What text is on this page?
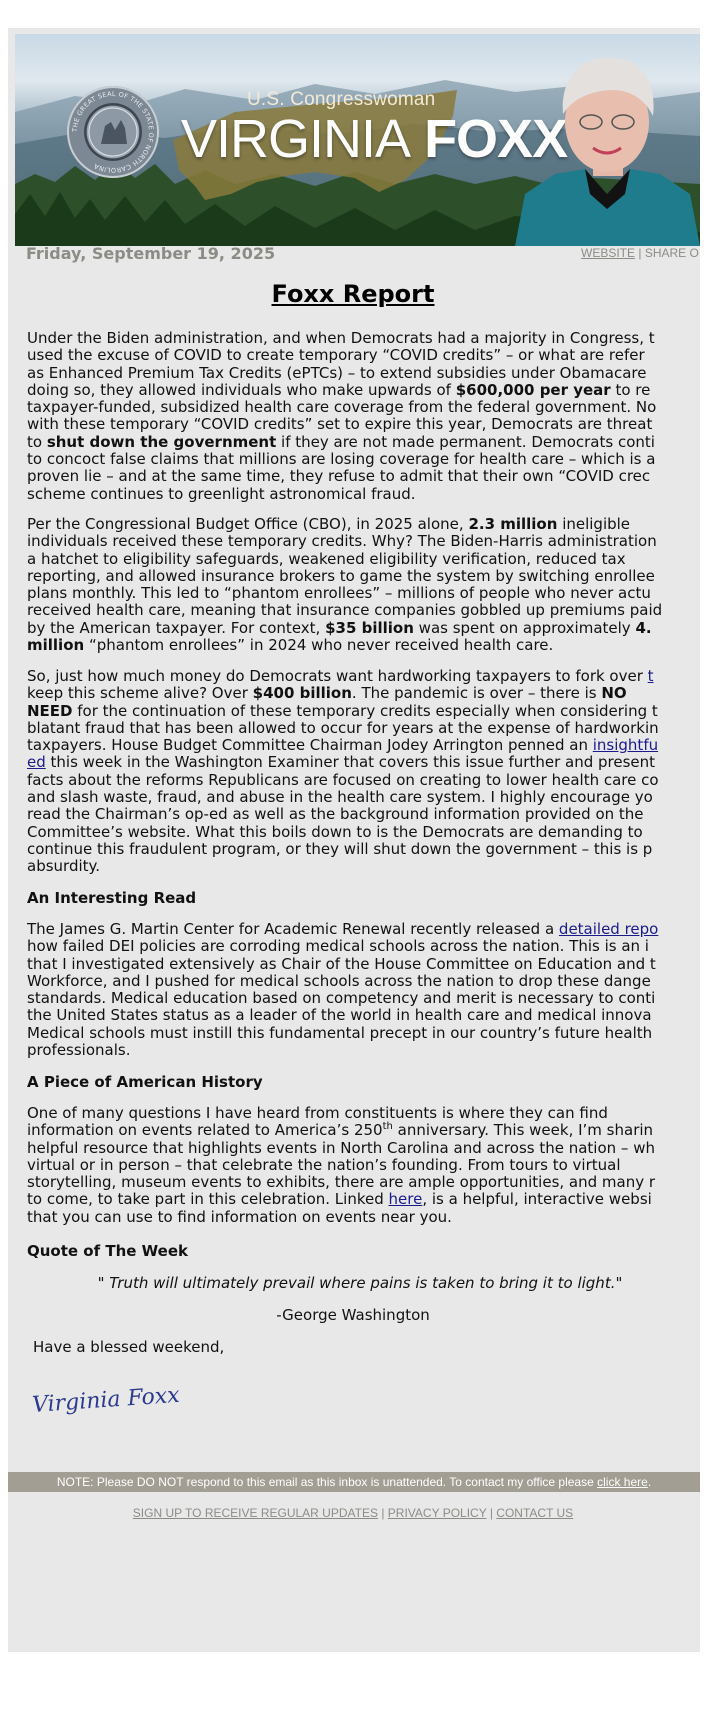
THE GREAT SEAL OF THE STATE OF NORTH CAROLINA
U.S. Congresswoman
VIRGINIA FOXX
Friday, September 19, 2025	WEBSITE | SHARE O
Foxx Report
Under the Biden administration, and when Democrats had a majority in Congress, t
used the excuse of COVID to create temporary “COVID credits” – or what are refer
as Enhanced Premium Tax Credits (ePTCs) – to extend subsidies under Obamacare
doing so, they allowed individuals who make upwards of $600,000 per year to re
taxpayer-funded, subsidized health care coverage from the federal government. No
with these temporary “COVID credits” set to expire this year, Democrats are threat
to shut down the government if they are not made permanent. Democrats conti
to concoct false claims that millions are losing coverage for health care – which is a
proven lie – and at the same time, they refuse to admit that their own “COVID crec
scheme continues to greenlight astronomical fraud.
Per the Congressional Budget Office (CBO), in 2025 alone, 2.3 million ineligible
individuals received these temporary credits. Why? The Biden-Harris administration
a hatchet to eligibility safeguards, weakened eligibility verification, reduced tax
reporting, and allowed insurance brokers to game the system by switching enrollee
plans monthly. This led to “phantom enrollees” – millions of people who never actu
received health care, meaning that insurance companies gobbled up premiums paid
by the American taxpayer. For context, $35 billion was spent on approximately 4.
million “phantom enrollees” in 2024 who never received health care.
So, just how much money do Democrats want hardworking taxpayers to fork over t
keep this scheme alive? Over $400 billion. The pandemic is over – there is NO
NEED for the continuation of these temporary credits especially when considering t
blatant fraud that has been allowed to occur for years at the expense of hardworkin
taxpayers. House Budget Committee Chairman Jodey Arrington penned an insightfu
ed this week in the Washington Examiner that covers this issue further and present
facts about the reforms Republicans are focused on creating to lower health care co
and slash waste, fraud, and abuse in the health care system. I highly encourage yo
read the Chairman’s op-ed as well as the background information provided on the
Committee’s website. What this boils down to is the Democrats are demanding to
continue this fraudulent program, or they will shut down the government – this is p
absurdity.
An Interesting Read
The James G. Martin Center for Academic Renewal recently released a detailed repo
how failed DEI policies are corroding medical schools across the nation. This is an i
that I investigated extensively as Chair of the House Committee on Education and t
Workforce, and I pushed for medical schools across the nation to drop these dange
standards. Medical education based on competency and merit is necessary to conti
the United States status as a leader of the world in health care and medical innova
Medical schools must instill this fundamental precept in our country’s future health
professionals.
A Piece of American History
One of many questions I have heard from constituents is where they can find
information on events related to America’s 250th anniversary. This week, I’m sharin
helpful resource that highlights events in North Carolina and across the nation – wh
virtual or in person – that celebrate the nation’s founding. From tours to virtual
storytelling, museum events to exhibits, there are ample opportunities, and many r
to come, to take part in this celebration. Linked here, is a helpful, interactive websi
that you can use to find information on events near you.
Quote of The Week
" Truth will ultimately prevail where pains is taken to bring it to light."
-George Washington
Have a blessed weekend,
Virginia Foxx
NOTE: Please DO NOT respond to this email as this inbox is unattended. To contact my office please click here.
SIGN UP TO RECEIVE REGULAR UPDATES | PRIVACY POLICY | CONTACT US
